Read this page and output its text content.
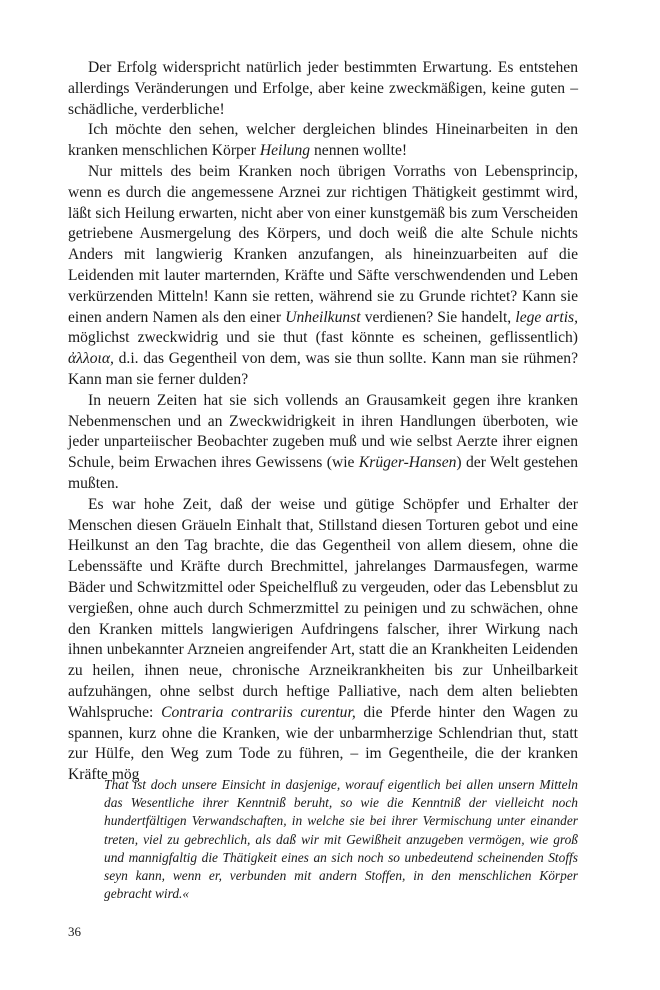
Der Erfolg widerspricht natürlich jeder bestimmten Erwartung. Es entstehen allerdings Veränderungen und Erfolge, aber keine zweckmäßigen, keine guten – schädliche, verderbliche!

Ich möchte den sehen, welcher dergleichen blindes Hineinarbeiten in den kranken menschlichen Körper Heilung nennen wollte!

Nur mittels des beim Kranken noch übrigen Vorraths von Lebensprincip, wenn es durch die angemessene Arznei zur richtigen Thätigkeit gestimmt wird, läßt sich Heilung erwarten, nicht aber von einer kunstgemäß bis zum Verscheiden getriebene Ausmergelung des Körpers, und doch weiß die alte Schule nichts Anders mit langwierig Kranken anzufangen, als hineinzuarbeiten auf die Leidenden mit lauter marternden, Kräfte und Säfte verschwendenden und Leben verkürzenden Mitteln! Kann sie retten, während sie zu Grunde richtet? Kann sie einen andern Namen als den einer Unheilkunst verdienen? Sie handelt, lege artis, möglichst zweckwidrig und sie thut (fast könnte es scheinen, geflissentlich) ἀλλοια, d.i. das Gegentheil von dem, was sie thun sollte. Kann man sie rühmen? Kann man sie ferner dulden?

In neuern Zeiten hat sie sich vollends an Grausamkeit gegen ihre kranken Nebenmenschen und an Zweckwidrigkeit in ihren Handlungen überboten, wie jeder unparteiischer Beobachter zugeben muß und wie selbst Aerzte ihrer eignen Schule, beim Erwachen ihres Gewissens (wie Krüger-Hansen) der Welt gestehen mußten.

Es war hohe Zeit, daß der weise und gütige Schöpfer und Erhalter der Menschen diesen Gräueln Einhalt that, Stillstand diesen Torturen gebot und eine Heilkunst an den Tag brachte, die das Gegentheil von allem diesem, ohne die Lebenssäfte und Kräfte durch Brechmittel, jahrelanges Darmausfegen, warme Bäder und Schwitzmittel oder Speichelfluß zu vergeuden, oder das Lebensblut zu vergießen, ohne auch durch Schmerzmittel zu peinigen und zu schwächen, ohne den Kranken mittels langwierigen Aufdringens falscher, ihrer Wirkung nach ihnen unbekannter Arzneien angreifender Art, statt die an Krankheiten Leidenden zu heilen, ihnen neue, chronische Arzneikrankheiten bis zur Unheilbarkeit aufzuhängen, ohne selbst durch heftige Palliative, nach dem alten beliebten Wahlspruche: Contraria contrariis curentur, die Pferde hinter den Wagen zu spannen, kurz ohne die Kranken, wie der unbarmherzige Schlendrian thut, statt zur Hülfe, den Weg zum Tode zu führen, – im Gegentheile, die der kranken Kräfte mög

That ist doch unsere Einsicht in dasjenige, worauf eigentlich bei allen unsern Mitteln das Wesentliche ihrer Kenntniß beruht, so wie die Kenntniß der vielleicht noch hundertfältigen Verwandschaften, in welche sie bei ihrer Vermischung unter einander treten, viel zu gebrechlich, als daß wir mit Gewißheit anzugeben vermögen, wie groß und mannigfaltig die Thätigkeit eines an sich noch so unbedeutend scheinenden Stoffs seyn kann, wenn er, verbunden mit andern Stoffen, in den menschlichen Körper gebracht wird.«

36
